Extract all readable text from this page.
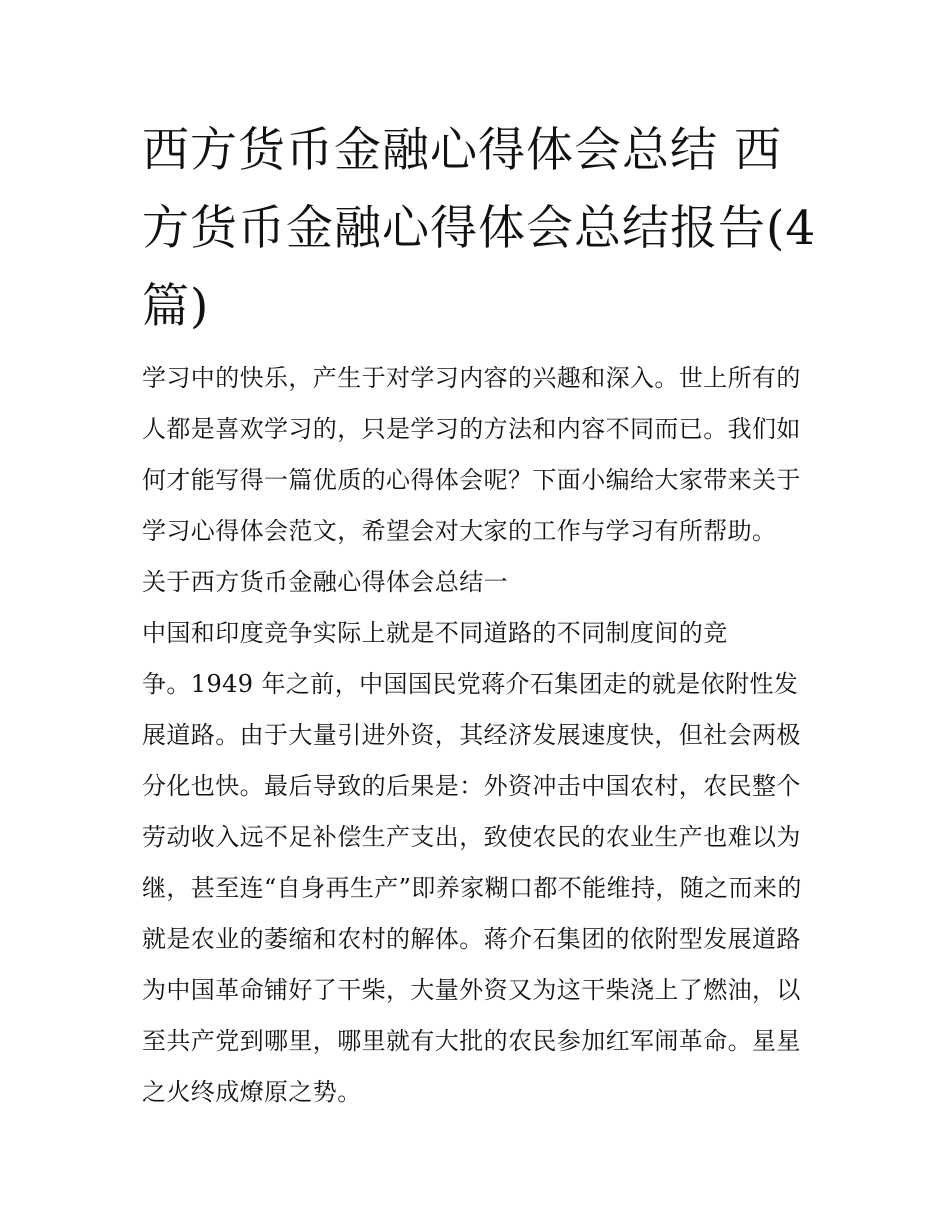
西方货币金融心得体会总结 西方货币金融心得体会总结报告(4篇)

学习中的快乐，产生于对学习内容的兴趣和深入。世上所有的

人都是喜欢学习的，只是学习的方法和内容不同而已。我们如

何才能写得一篇优质的心得体会呢？下面小编给大家带来关于

学习心得体会范文，希望会对大家的工作与学习有所帮助。

关于西方货币金融心得体会总结一

中国和印度竞争实际上就是不同道路的不同制度间的竞

争。1949 年之前，中国国民党蒋介石集团走的就是依附性发

展道路。由于大量引进外资，其经济发展速度快，但社会两极

分化也快。最后导致的后果是：外资冲击中国农村，农民整个

劳动收入远不足补偿生产支出，致使农民的农业生产也难以为

继，甚至连“自身再生产”即养家糊口都不能维持，随之而来的

就是农业的萎缩和农村的解体。蒋介石集团的依附型发展道路

为中国革命铺好了干柴，大量外资又为这干柴浇上了燃油，以

至共产党到哪里，哪里就有大批的农民参加红军闹革命。星星

之火终成燎原之势。
